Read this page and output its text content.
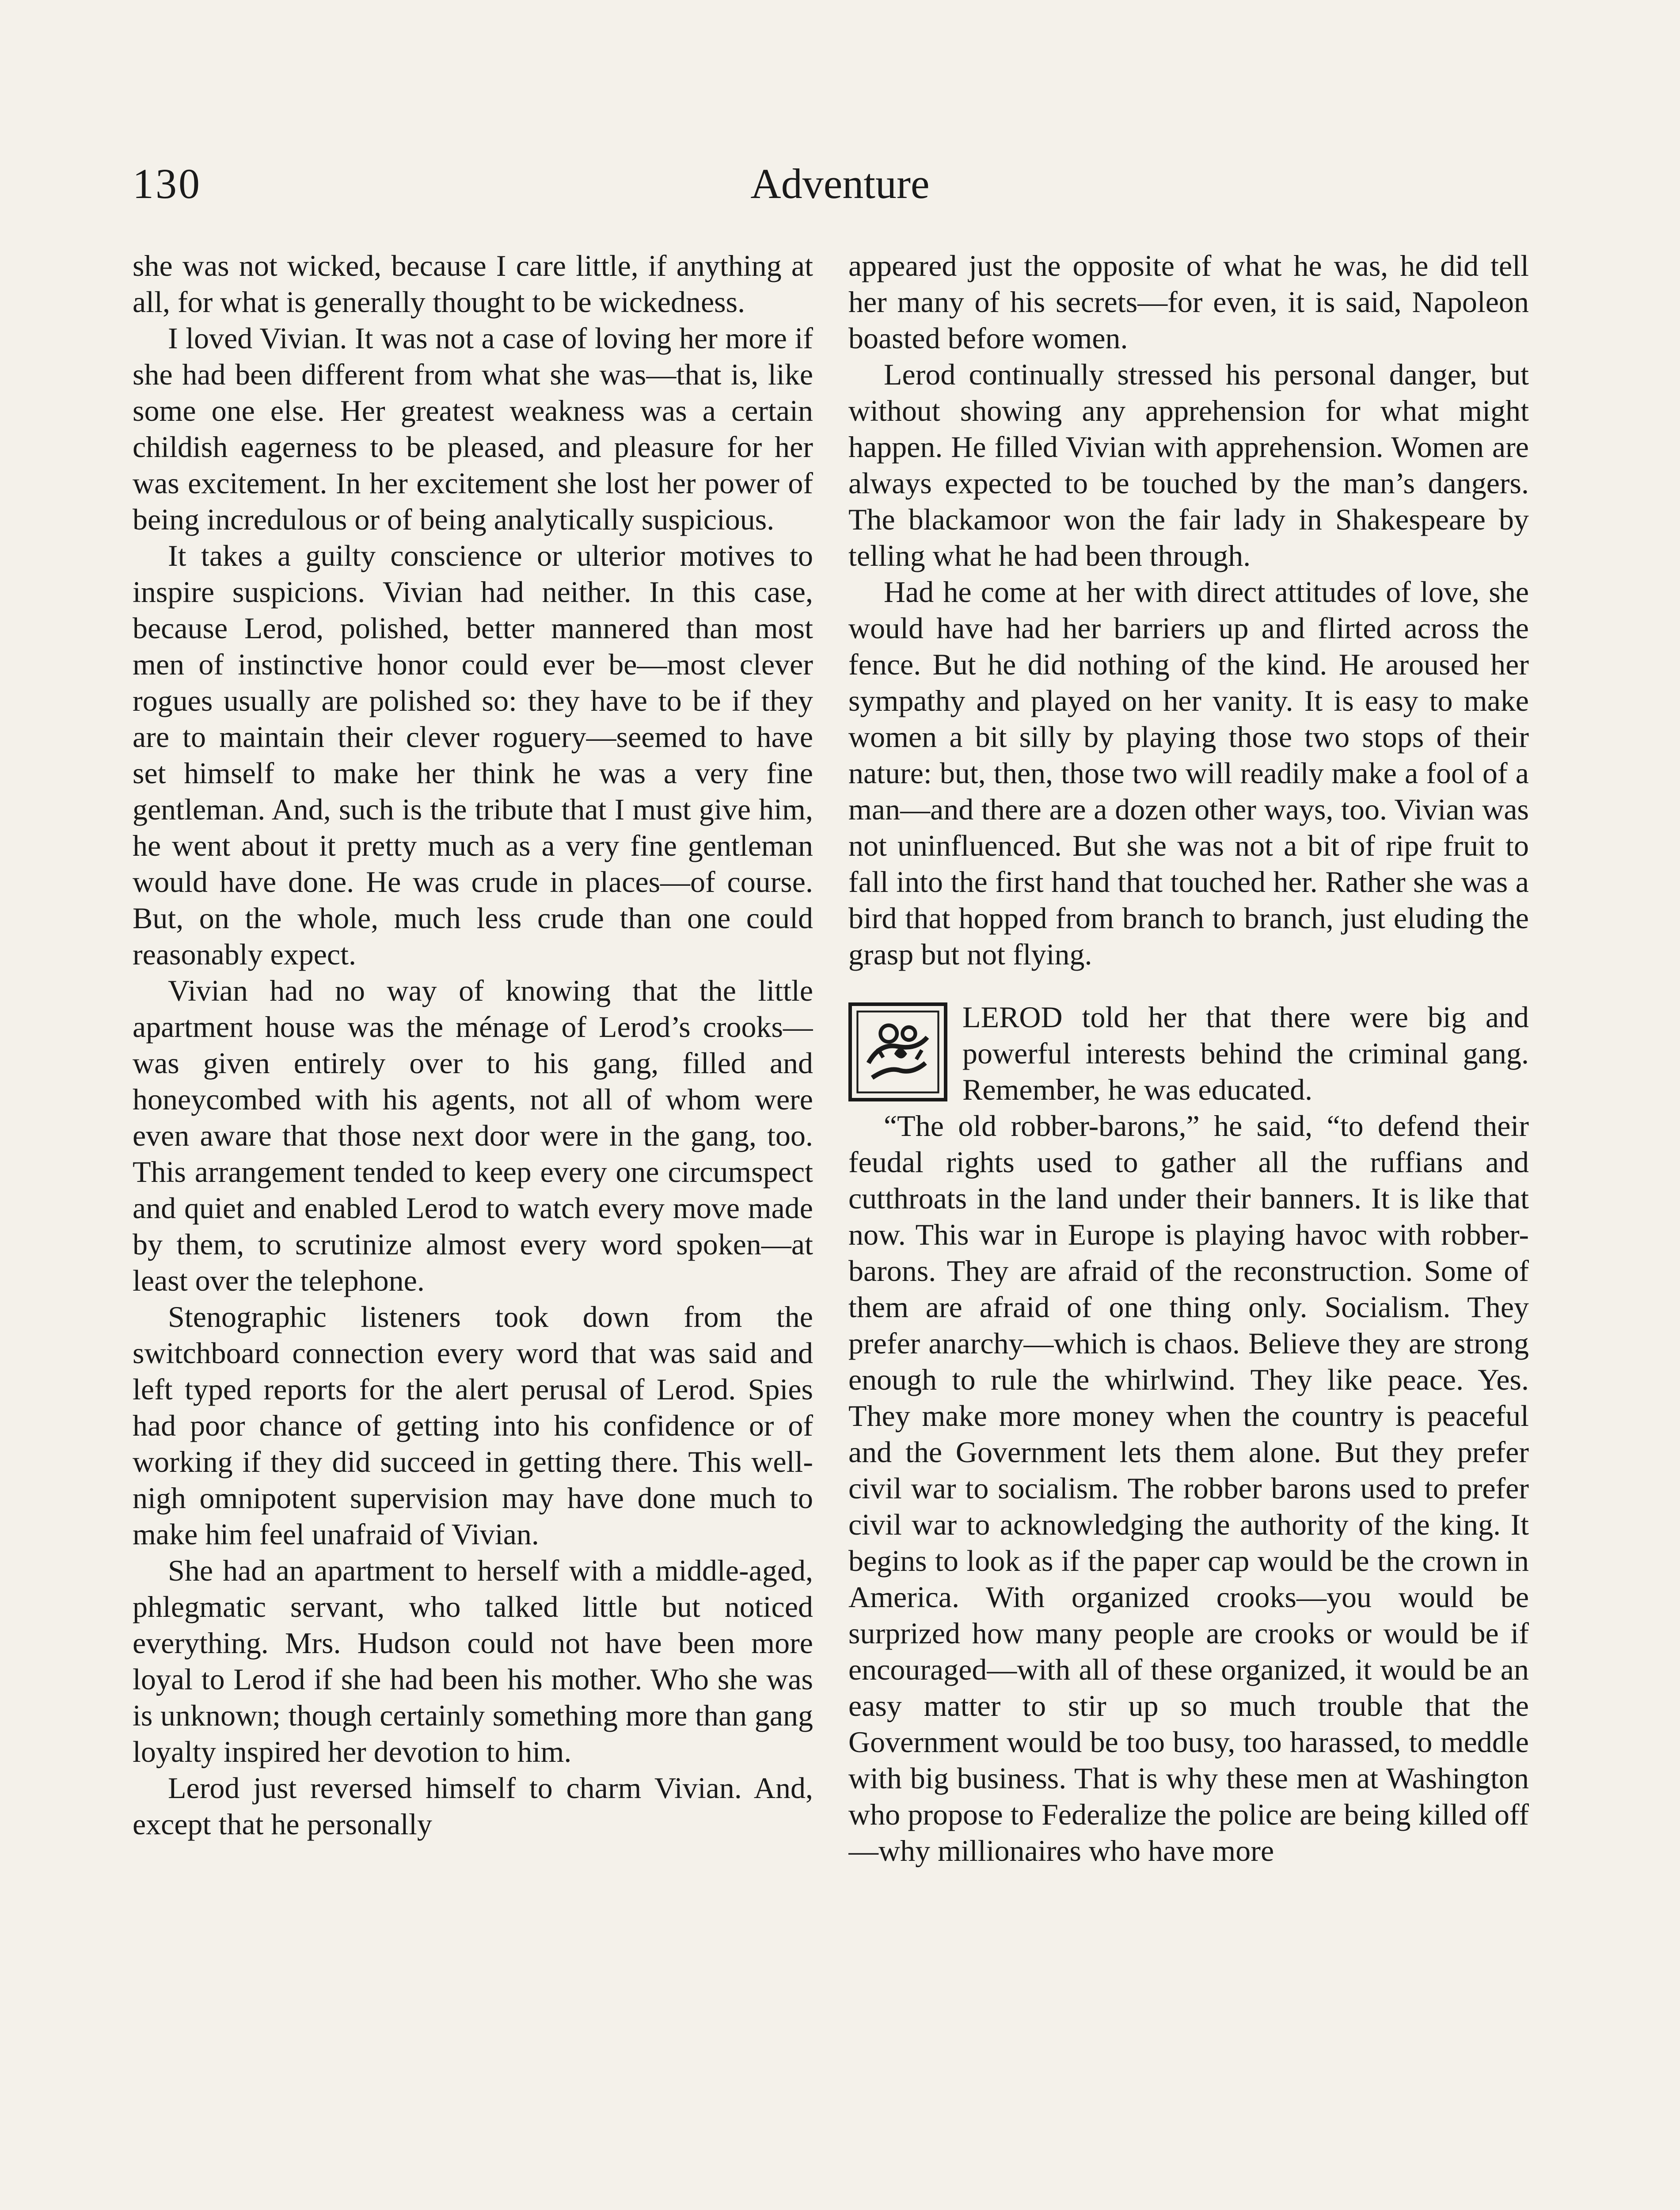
130	Adventure

she was not wicked, because I care little, if anything at all, for what is generally thought to be wickedness.

I loved Vivian. It was not a case of loving her more if she had been different from what she was—that is, like some one else. Her greatest weakness was a certain childish eagerness to be pleased, and pleasure for her was excitement. In her excitement she lost her power of being incredulous or of being analytically suspicious.

It takes a guilty conscience or ulterior motives to inspire suspicions. Vivian had neither. In this case, because Lerod, polished, better mannered than most men of instinctive honor could ever be—most clever rogues usually are polished so: they have to be if they are to maintain their clever roguery—seemed to have set himself to make her think he was a very fine gentleman. And, such is the tribute that I must give him, he went about it pretty much as a very fine gentleman would have done. He was crude in places—of course. But, on the whole, much less crude than one could reasonably expect.

Vivian had no way of knowing that the little apartment house was the ménage of Lerod’s crooks—was given entirely over to his gang, filled and honeycombed with his agents, not all of whom were even aware that those next door were in the gang, too. This arrangement tended to keep every one circumspect and quiet and enabled Lerod to watch every move made by them, to scrutinize almost every word spoken—at least over the telephone.

Stenographic listeners took down from the switchboard connection every word that was said and left typed reports for the alert perusal of Lerod. Spies had poor chance of getting into his confidence or of working if they did succeed in getting there. This well-nigh omnipotent supervision may have done much to make him feel unafraid of Vivian.

She had an apartment to herself with a middle-aged, phlegmatic servant, who talked little but noticed everything. Mrs. Hudson could not have been more loyal to Lerod if she had been his mother. Who she was is unknown; though certainly something more than gang loyalty inspired her devotion to him.

Lerod just reversed himself to charm Vivian. And, except that he personally

appeared just the opposite of what he was, he did tell her many of his secrets—for even, it is said, Napoleon boasted before women.

Lerod continually stressed his personal danger, but without showing any apprehension for what might happen. He filled Vivian with apprehension. Women are always expected to be touched by the man’s dangers. The blackamoor won the fair lady in Shakespeare by telling what he had been through.

Had he come at her with direct attitudes of love, she would have had her barriers up and flirted across the fence. But he did nothing of the kind. He aroused her sympathy and played on her vanity. It is easy to make women a bit silly by playing those two stops of their nature: but, then, those two will readily make a fool of a man—and there are a dozen other ways, too. Vivian was not uninfluenced. But she was not a bit of ripe fruit to fall into the first hand that touched her. Rather she was a bird that hopped from branch to branch, just eluding the grasp but not flying.

LEROD told her that there were big and powerful interests behind the criminal gang. Remember, he was educated.

“The old robber-barons,” he said, “to defend their feudal rights used to gather all the ruffians and cutthroats in the land under their banners. It is like that now. This war in Europe is playing havoc with robber-barons. They are afraid of the reconstruction. Some of them are afraid of one thing only. Socialism. They prefer anarchy—which is chaos. Believe they are strong enough to rule the whirlwind. They like peace. Yes. They make more money when the country is peaceful and the Government lets them alone. But they prefer civil war to socialism. The robber barons used to prefer civil war to acknowledging the authority of the king. It begins to look as if the paper cap would be the crown in America. With organized crooks—you would be surprized how many people are crooks or would be if encouraged—with all of these organized, it would be an easy matter to stir up so much trouble that the Government would be too busy, too harassed, to meddle with big business. That is why these men at Washington who propose to Federalize the police are being killed off—why millionaires who have more
